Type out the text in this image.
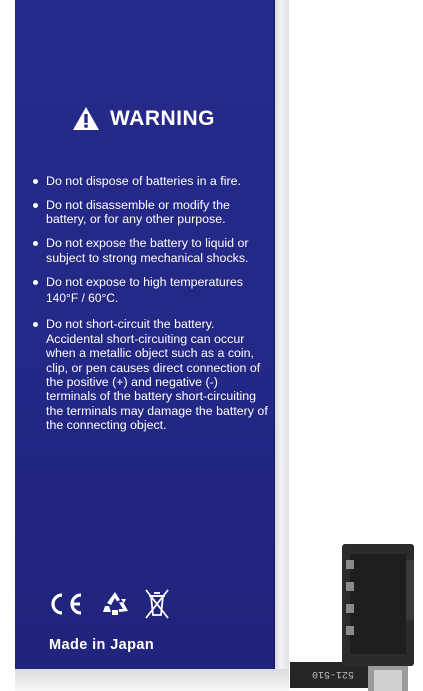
WARNING
Do not dispose of batteries in a fire.
Do not disassemble or modify the battery, or for any other purpose.
Do not expose the battery to liquid or subject to strong mechanical shocks.
Do not expose to high temperatures
140°F / 60°C.
Do not short-circuit the battery. Accidental short-circuiting can occur when a metallic object such as a coin, clip, or pen causes direct connection of the positive (+) and negative (-) terminals of the battery short-circuiting the terminals may damage the battery of the connecting object.
Made in Japan
521-510
